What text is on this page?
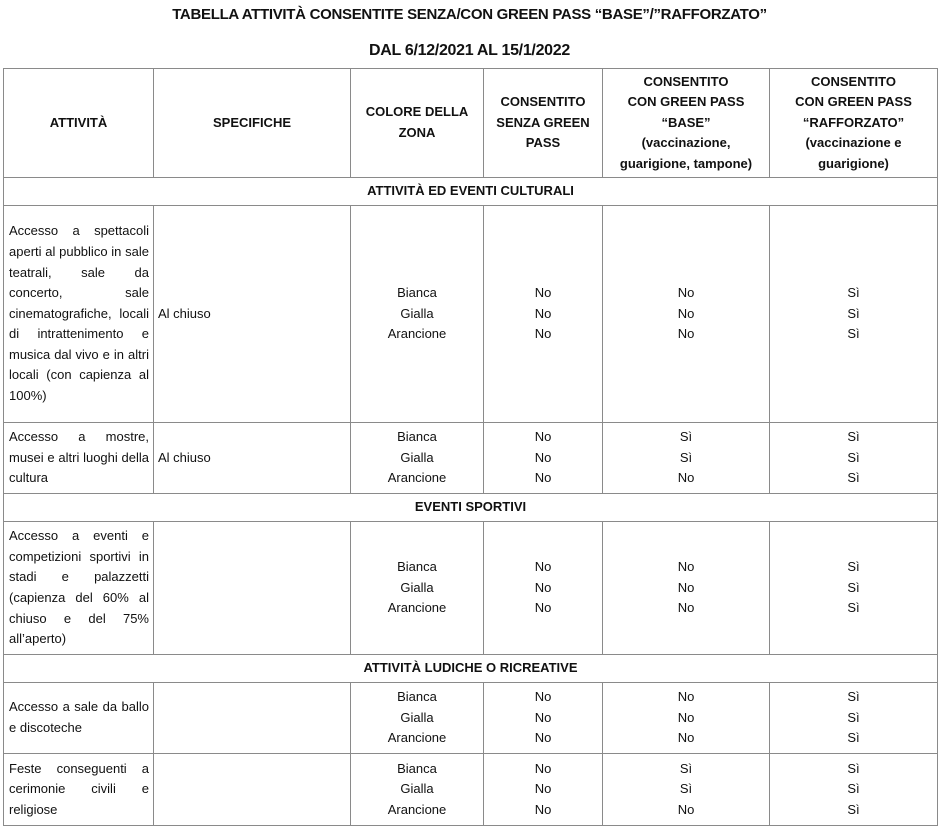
TABELLA ATTIVITÀ CONSENTITE SENZA/CON GREEN PASS “BASE”/”RAFFORZATO”
DAL 6/12/2021 AL 15/1/2022
ATTIVITÀ	SPECIFICHE	COLORE DELLA
ZONA	CONSENTITO
SENZA GREEN
PASS	CONSENTITO
CON GREEN PASS
“BASE”
(vaccinazione,
guarigione, tampone)	CONSENTITO
CON GREEN PASS
“RAFFORZATO”
(vaccinazione e
guarigione)

ATTIVITÀ ED EVENTI CULTURALI					
Accesso a spettacoli aperti al pubblico in sale teatrali, sale da concerto, sale cinematografiche, locali di intrattenimento e musica dal vivo e in altri locali (con capienza al 100%)	Al chiuso	Bianca
Gialla
Arancione	No
No
No	No
No
No	Sì
Sì
Sì

Accesso a mostre, musei e altri luoghi della cultura	Al chiuso	Bianca
Gialla
Arancione	No
No
No	Sì
Sì
No	Sì
Sì
Sì

EVENTI SPORTIVI					
Accesso a eventi e competizioni sportivi in stadi e palazzetti (capienza del 60% al chiuso e del 75% all’aperto)		Bianca
Gialla
Arancione	No
No
No	No
No
No	Sì
Sì
Sì

ATTIVITÀ LUDICHE O RICREATIVE					
Accesso a sale da ballo e discoteche		Bianca
Gialla
Arancione	No
No
No	No
No
No	Sì
Sì
Sì

Feste conseguenti a cerimonie civili e religiose		Bianca
Gialla
Arancione	No
No
No	Sì
Sì
No	Sì
Sì
Sì
